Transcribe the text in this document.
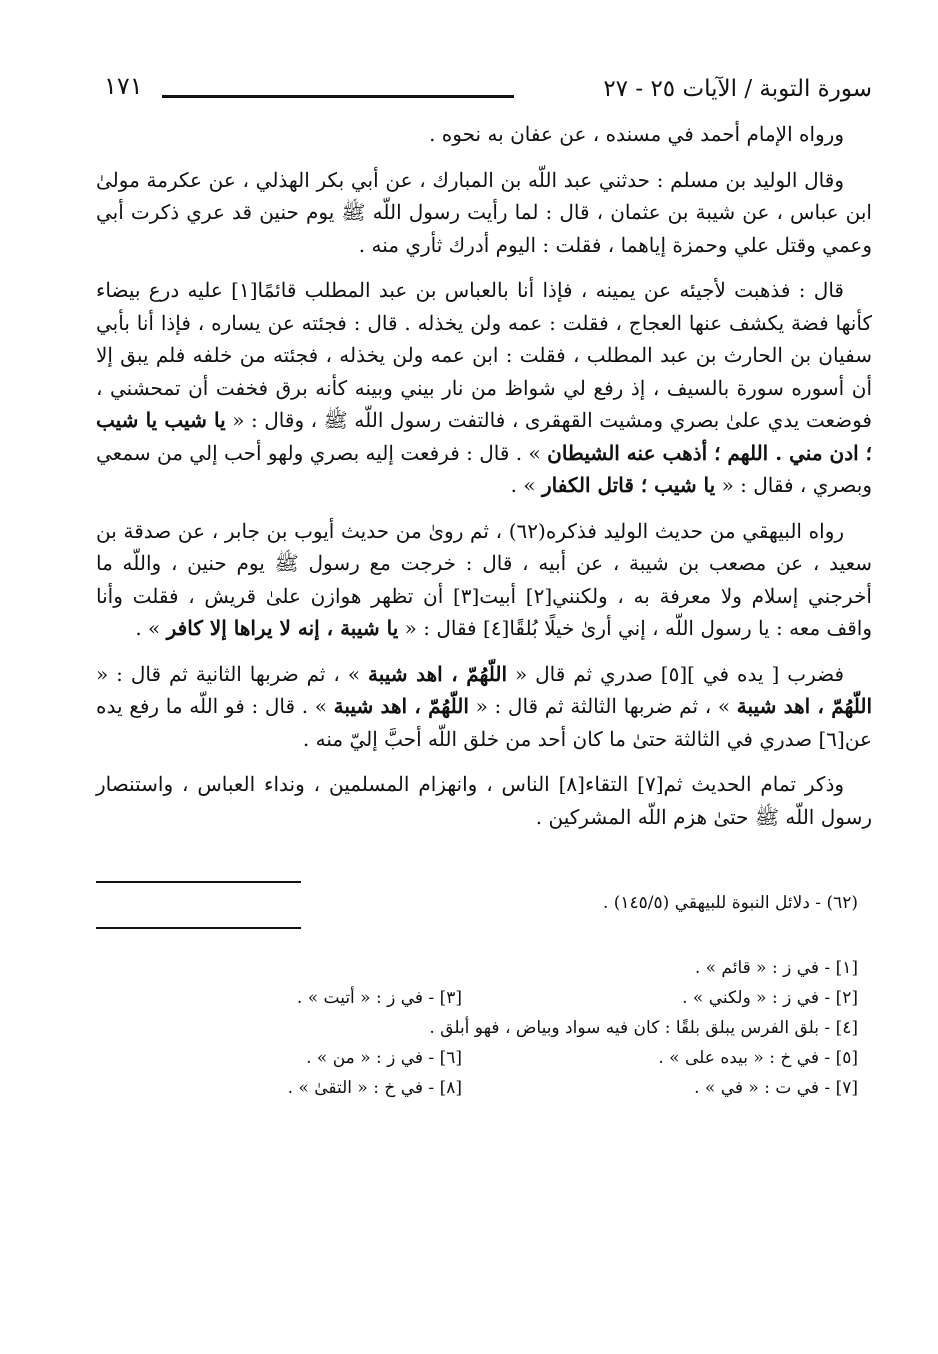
سورة التوبة / الآيات ٢٥ - ٢٧
١٧١

ورواه الإمام أحمد في مسنده ، عن عفان به نحوه .

وقال الوليد بن مسلم : حدثني عبد اللّه بن المبارك ، عن أبي بكر الهذلي ، عن عكرمة مولىٰ ابن عباس ، عن شيبة بن عثمان ، قال : لما رأيت رسول اللّه ﷺ يوم حنين قد عري ذكرت أبي وعمي وقتل علي وحمزة إياهما ، فقلت : اليوم أدرك ثأري منه .

قال : فذهبت لأجيئه عن يمينه ، فإذا أنا بالعباس بن عبد المطلب قائمًا[١] عليه درع بيضاء كأنها فضة يكشف عنها العجاج ، فقلت : عمه ولن يخذله . قال : فجئته عن يساره ، فإذا أنا بأبي سفيان بن الحارث بن عبد المطلب ، فقلت : ابن عمه ولن يخذله ، فجئته من خلفه فلم يبق إلا أن أسوره سورة بالسيف ، إذ رفع لي شواظ من نار بيني وبينه كأنه برق فخفت أن تمحشني ، فوضعت يدي علىٰ بصري ومشيت القهقرى ، فالتفت رسول اللّه ﷺ ، وقال : « يا شيب يا شيب ؛ ادن مني . اللهم ؛ أذهب عنه الشيطان » . قال : فرفعت إليه بصري ولهو أحب إلي من سمعي وبصري ، فقال : « يا شيب ؛ قاتل الكفار » .

رواه البيهقي من حديث الوليد فذكره(٦٢) ، ثم روىٰ من حديث أيوب بن جابر ، عن صدقة بن سعيد ، عن مصعب بن شيبة ، عن أبيه ، قال : خرجت مع رسول ﷺ يوم حنين ، واللّه ما أخرجني إسلام ولا معرفة به ، ولكنني[٢] أبيت[٣] أن تظهر هوازن علىٰ قريش ، فقلت وأنا واقف معه : يا رسول اللّه ، إني أرىٰ خيلًا بُلقًا[٤] فقال : « يا شيبة ، إنه لا يراها إلا كافر » .

فضرب [ يده في ][٥] صدري ثم قال « اللّهُمّ ، اهد شيبة » ، ثم ضربها الثانية ثم قال : « اللّهُمّ ، اهد شيبة » ، ثم ضربها الثالثة ثم قال : « اللّهُمّ ، اهد شيبة » . قال : فو اللّه ما رفع يده عن[٦] صدري في الثالثة حتىٰ ما كان أحد من خلق اللّه أحبَّ إليّ منه .

وذكر تمام الحديث ثم[٧] التقاء[٨] الناس ، وانهزام المسلمين ، ونداء العباس ، واستنصار رسول اللّه ﷺ حتىٰ هزم اللّه المشركين .

(٦٢) - دلائل النبوة للبيهقي (١٤٥/٥) .
[١] - في ز : « قائم » .
[٢] - في ز : « ولكني » .
[٣] - في ز : « أتيت » .
[٤] - بلق الفرس يبلق بلقًا : كان فيه سواد وبياض ، فهو أبلق .
[٥] - في خ : « بيده على » .
[٦] - في ز : « من » .
[٧] - في ت : « في » .
[٨] - في خ : « التقىٰ » .
